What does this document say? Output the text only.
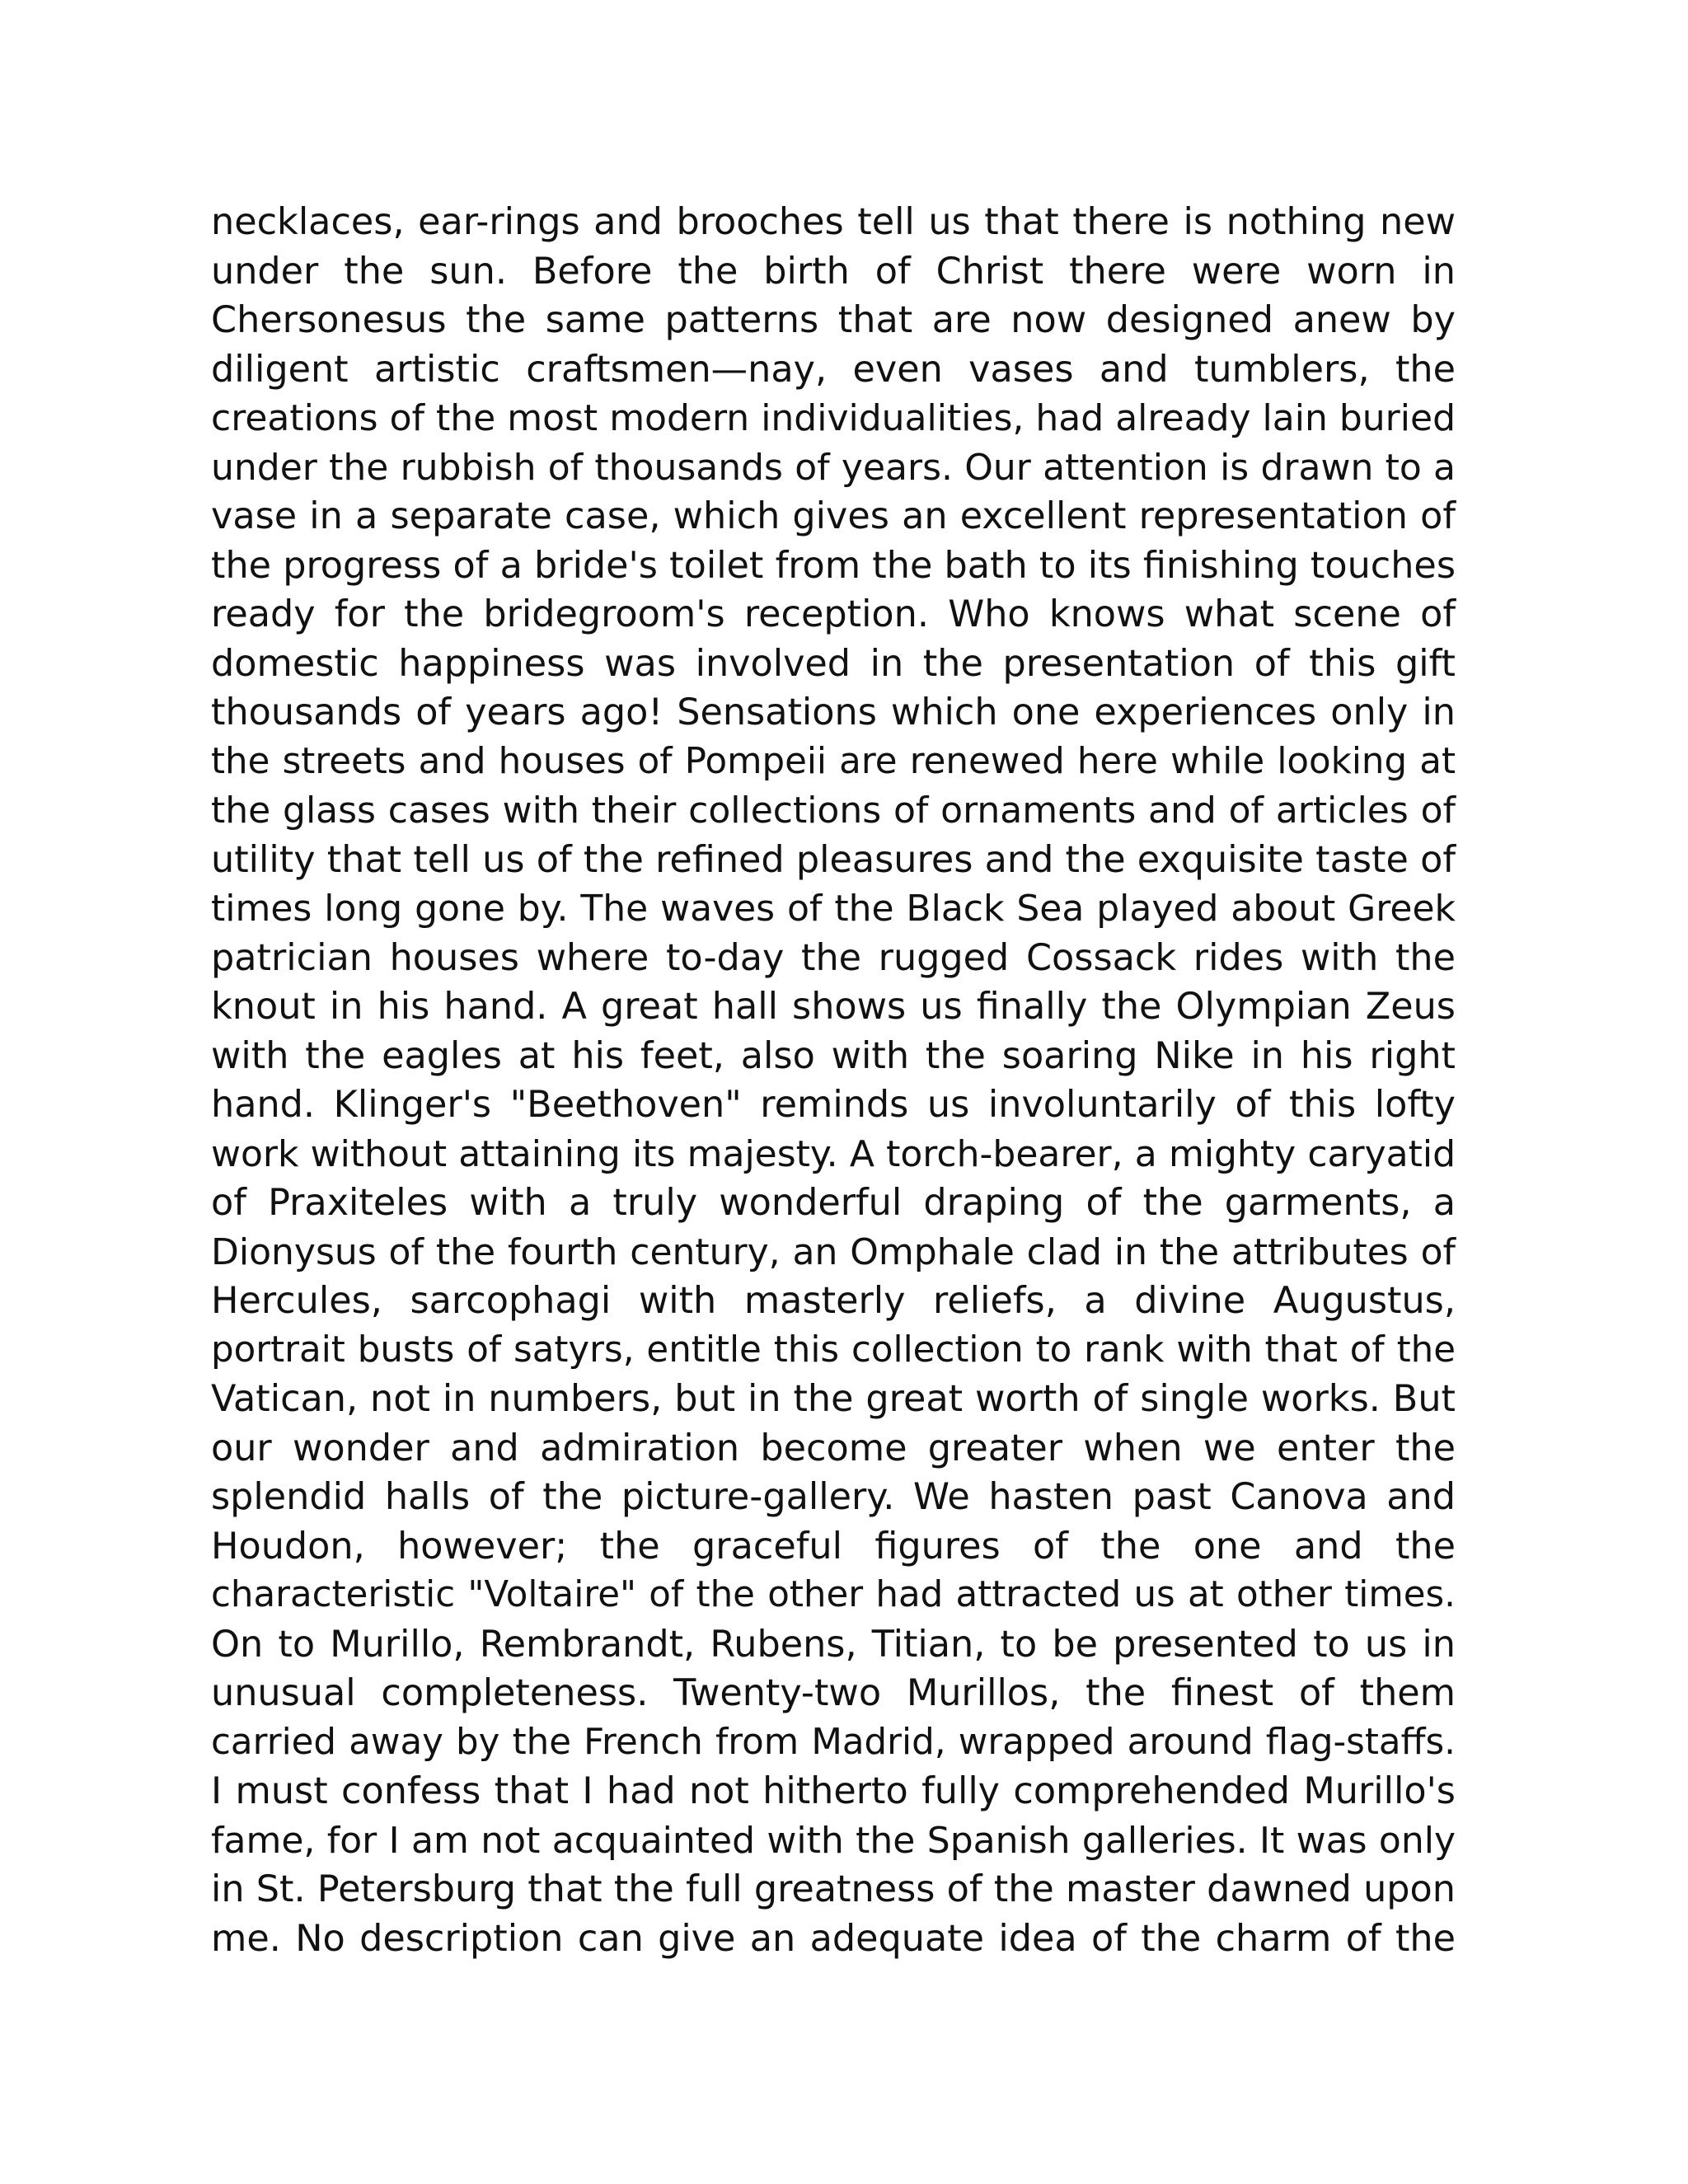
necklaces, ear-rings and brooches tell us that there is nothing new
under the sun. Before the birth of Christ there were worn in
Chersonesus the same patterns that are now designed anew by
diligent artistic craftsmen—nay, even vases and tumblers, the
creations of the most modern individualities, had already lain buried
under the rubbish of thousands of years. Our attention is drawn to a
vase in a separate case, which gives an excellent representation of
the progress of a bride's toilet from the bath to its finishing touches
ready for the bridegroom's reception. Who knows what scene of
domestic happiness was involved in the presentation of this gift
thousands of years ago! Sensations which one experiences only in
the streets and houses of Pompeii are renewed here while looking at
the glass cases with their collections of ornaments and of articles of
utility that tell us of the refined pleasures and the exquisite taste of
times long gone by. The waves of the Black Sea played about Greek
patrician houses where to-day the rugged Cossack rides with the
knout in his hand. A great hall shows us finally the Olympian Zeus
with the eagles at his feet, also with the soaring Nike in his right
hand. Klinger's "Beethoven" reminds us involuntarily of this lofty
work without attaining its majesty. A torch-bearer, a mighty caryatid
of Praxiteles with a truly wonderful draping of the garments, a
Dionysus of the fourth century, an Omphale clad in the attributes of
Hercules, sarcophagi with masterly reliefs, a divine Augustus,
portrait busts of satyrs, entitle this collection to rank with that of the
Vatican, not in numbers, but in the great worth of single works. But
our wonder and admiration become greater when we enter the
splendid halls of the picture-gallery. We hasten past Canova and
Houdon, however; the graceful figures of the one and the
characteristic "Voltaire" of the other had attracted us at other times.
On to Murillo, Rembrandt, Rubens, Titian, to be presented to us in
unusual completeness. Twenty-two Murillos, the finest of them
carried away by the French from Madrid, wrapped around flag-staffs.
I must confess that I had not hitherto fully comprehended Murillo's
fame, for I am not acquainted with the Spanish galleries. It was only
in St. Petersburg that the full greatness of the master dawned upon
me. No description can give an adequate idea of the charm of the
